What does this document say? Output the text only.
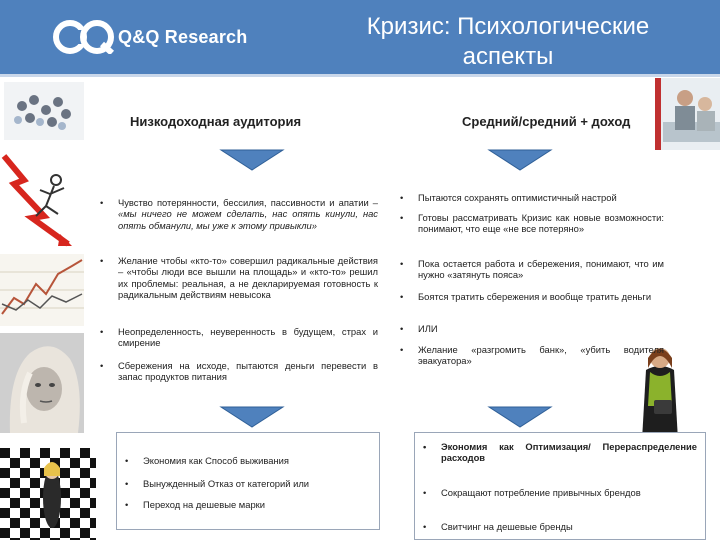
Q&Q Research	Кризис: Психологические
аспекты
Низкодоходная аудитория	Средний/средний + доход
•	Чувство потерянности, бессилия, пассивности и апатии – «мы ничего не можем сделать, нас опять кинули, нас опять обманули, мы уже к этому привыкли»
•	Желание чтобы «кто-то» совершил радикальные действия – «чтобы люди все вышли на площадь» и «кто-то» решил их проблемы: реальная, а не декларируемая готовность к радикальным действиям невысока
•	Неопределенность, неуверенность в будущем, страх и смирение
•	Сбережения на исходе, пытаются деньги перевести в запас продуктов питания
•	Пытаются сохранять оптимистичный настрой
•	Готовы рассматривать Кризис как новые возможности: понимают, что еще «не все потеряно»
•	Пока остается работа и сбережения, понимают, что им нужно «затянуть пояса»
•	Боятся тратить сбережения и вообще тратить деньги
•	ИЛИ
•	Желание «разгромить банк», «убить водителя эвакуатора»
•	Экономия как Способ выживания
•	Вынужденный Отказ от категорий или
•	Переход на дешевые марки
•	Экономия как Оптимизация/ Перераспределение расходов
•	Сокращают потребление привычных брендов
•	Свитчинг на дешевые бренды
